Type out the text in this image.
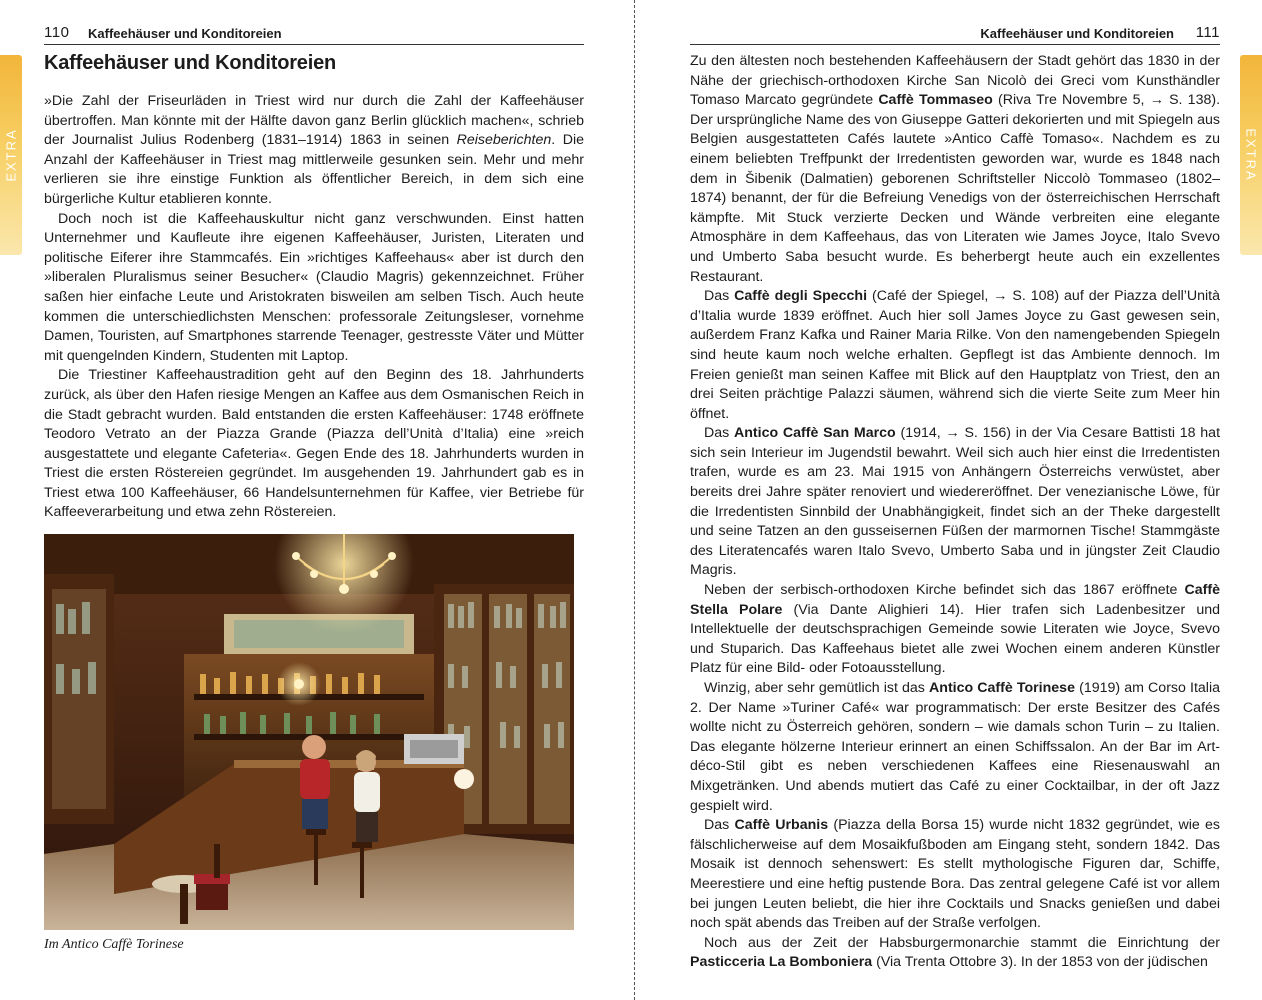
EXTRA
110 Kaffeehäuser und Konditoreien
Kaffeehäuser und Konditoreien

»Die Zahl der Friseurläden in Triest wird nur durch die Zahl der Kaffeehäuser übertroffen. Man könnte mit der Hälfte davon ganz Berlin glücklich machen«, schrieb der Journalist Julius Rodenberg (1831–1914) 1863 in seinen Reiseberichten. Die Anzahl der Kaffeehäuser in Triest mag mittlerweile gesunken sein. Mehr und mehr verlieren sie ihre einstige Funktion als öffentlicher Bereich, in dem sich eine bürgerliche Kultur etablieren konnte.

Doch noch ist die Kaffeehauskultur nicht ganz verschwunden. Einst hatten Unternehmer und Kaufleute ihre eigenen Kaffeehäuser, Juristen, Literaten und politische Eiferer ihre Stammcafés. Ein »richtiges Kaffeehaus« aber ist durch den »liberalen Pluralismus seiner Besucher« (Claudio Magris) gekennzeichnet. Früher saßen hier einfache Leute und Aristokraten bisweilen am selben Tisch. Auch heute kommen die unterschiedlichsten Menschen: professorale Zeitungsleser, vornehme Damen, Touristen, auf Smartphones starrende Teenager, gestresste Väter und Mütter mit quengelnden Kindern, Studenten mit Laptop.

Die Triestiner Kaffeehaustradition geht auf den Beginn des 18. Jahrhunderts zurück, als über den Hafen riesige Mengen an Kaffee aus dem Osmanischen Reich in die Stadt gebracht wurden. Bald entstanden die ersten Kaffeehäuser: 1748 eröffnete Teodoro Vetrato an der Piazza Grande (Piazza dell’Unità d’Italia) eine »reich ausgestattete und elegante Cafeteria«. Gegen Ende des 18. Jahrhunderts wurden in Triest die ersten Röstereien gegründet. Im ausgehenden 19. Jahrhundert gab es in Triest etwa 100 Kaffeehäuser, 66 Handelsunternehmen für Kaffee, vier Betriebe für Kaffeeverarbeitung und etwa zehn Röstereien.

Im Antico Caffè Torinese
Kaffeehäuser und Konditoreien 111

Zu den ältesten noch bestehenden Kaffeehäusern der Stadt gehört das 1830 in der Nähe der griechisch-orthodoxen Kirche San Nicolò dei Greci vom Kunsthändler Tomaso Marcato gegründete Caffè Tommaseo (Riva Tre Novembre 5, → S. 138). Der ursprüngliche Name des von Giuseppe Gatteri dekorierten und mit Spiegeln aus Belgien ausgestatteten Cafés lautete »Antico Caffè Tomaso«. Nachdem es zu einem beliebten Treffpunkt der Irredentisten geworden war, wurde es 1848 nach dem in Šibenik (Dalmatien) geborenen Schriftsteller Niccolò Tommaseo (1802–1874) benannt, der für die Befreiung Venedigs von der österreichischen Herrschaft kämpfte. Mit Stuck verzierte Decken und Wände verbreiten eine elegante Atmosphäre in dem Kaffeehaus, das von Literaten wie James Joyce, Italo Svevo und Umberto Saba besucht wurde. Es beherbergt heute auch ein exzellentes Restaurant.

Das Caffè degli Specchi (Café der Spiegel, → S. 108) auf der Piazza dell’Unità d’Italia wurde 1839 eröffnet. Auch hier soll James Joyce zu Gast gewesen sein, außerdem Franz Kafka und Rainer Maria Rilke. Von den namengebenden Spiegeln sind heute kaum noch welche erhalten. Gepflegt ist das Ambiente dennoch. Im Freien genießt man seinen Kaffee mit Blick auf den Hauptplatz von Triest, den an drei Seiten prächtige Palazzi säumen, während sich die vierte Seite zum Meer hin öffnet.

Das Antico Caffè San Marco (1914, → S. 156) in der Via Cesare Battisti 18 hat sich sein Interieur im Jugendstil bewahrt. Weil sich auch hier einst die Irredentisten trafen, wurde es am 23. Mai 1915 von Anhängern Österreichs verwüstet, aber bereits drei Jahre später renoviert und wiedereröffnet. Der venezianische Löwe, für die Irredentisten Sinnbild der Unabhängigkeit, findet sich an der Theke dargestellt und seine Tatzen an den gusseisernen Füßen der marmornen Tische! Stammgäste des Literatencafés waren Italo Svevo, Umberto Saba und in jüngster Zeit Claudio Magris.

Neben der serbisch-orthodoxen Kirche befindet sich das 1867 eröffnete Caffè Stella Polare (Via Dante Alighieri 14). Hier trafen sich Ladenbesitzer und Intellektuelle der deutschsprachigen Gemeinde sowie Literaten wie Joyce, Svevo und Stuparich. Das Kaffeehaus bietet alle zwei Wochen einem anderen Künstler Platz für eine Bild- oder Fotoausstellung.

Winzig, aber sehr gemütlich ist das Antico Caffè Torinese (1919) am Corso Italia 2. Der Name »Turiner Café« war programmatisch: Der erste Besitzer des Cafés wollte nicht zu Österreich gehören, sondern – wie damals schon Turin – zu Italien. Das elegante hölzerne Interieur erinnert an einen Schiffssalon. An der Bar im Art-déco-Stil gibt es neben verschiedenen Kaffees eine Riesenauswahl an Mixgetränken. Und abends mutiert das Café zu einer Cocktailbar, in der oft Jazz gespielt wird.

Das Caffè Urbanis (Piazza della Borsa 15) wurde nicht 1832 gegründet, wie es fälschlicherweise auf dem Mosaikfußboden am Eingang steht, sondern 1842. Das Mosaik ist dennoch sehenswert: Es stellt mythologische Figuren dar, Schiffe, Meerestiere und eine heftig pustende Bora. Das zentral gelegene Café ist vor allem bei jungen Leuten beliebt, die hier ihre Cocktails und Snacks genießen und dabei noch spät abends das Treiben auf der Straße verfolgen.

Noch aus der Zeit der Habsburgermonarchie stammt die Einrichtung der Pasticceria La Bomboniera (Via Trenta Ottobre 3). In der 1853 von der jüdischen

EXTRA
